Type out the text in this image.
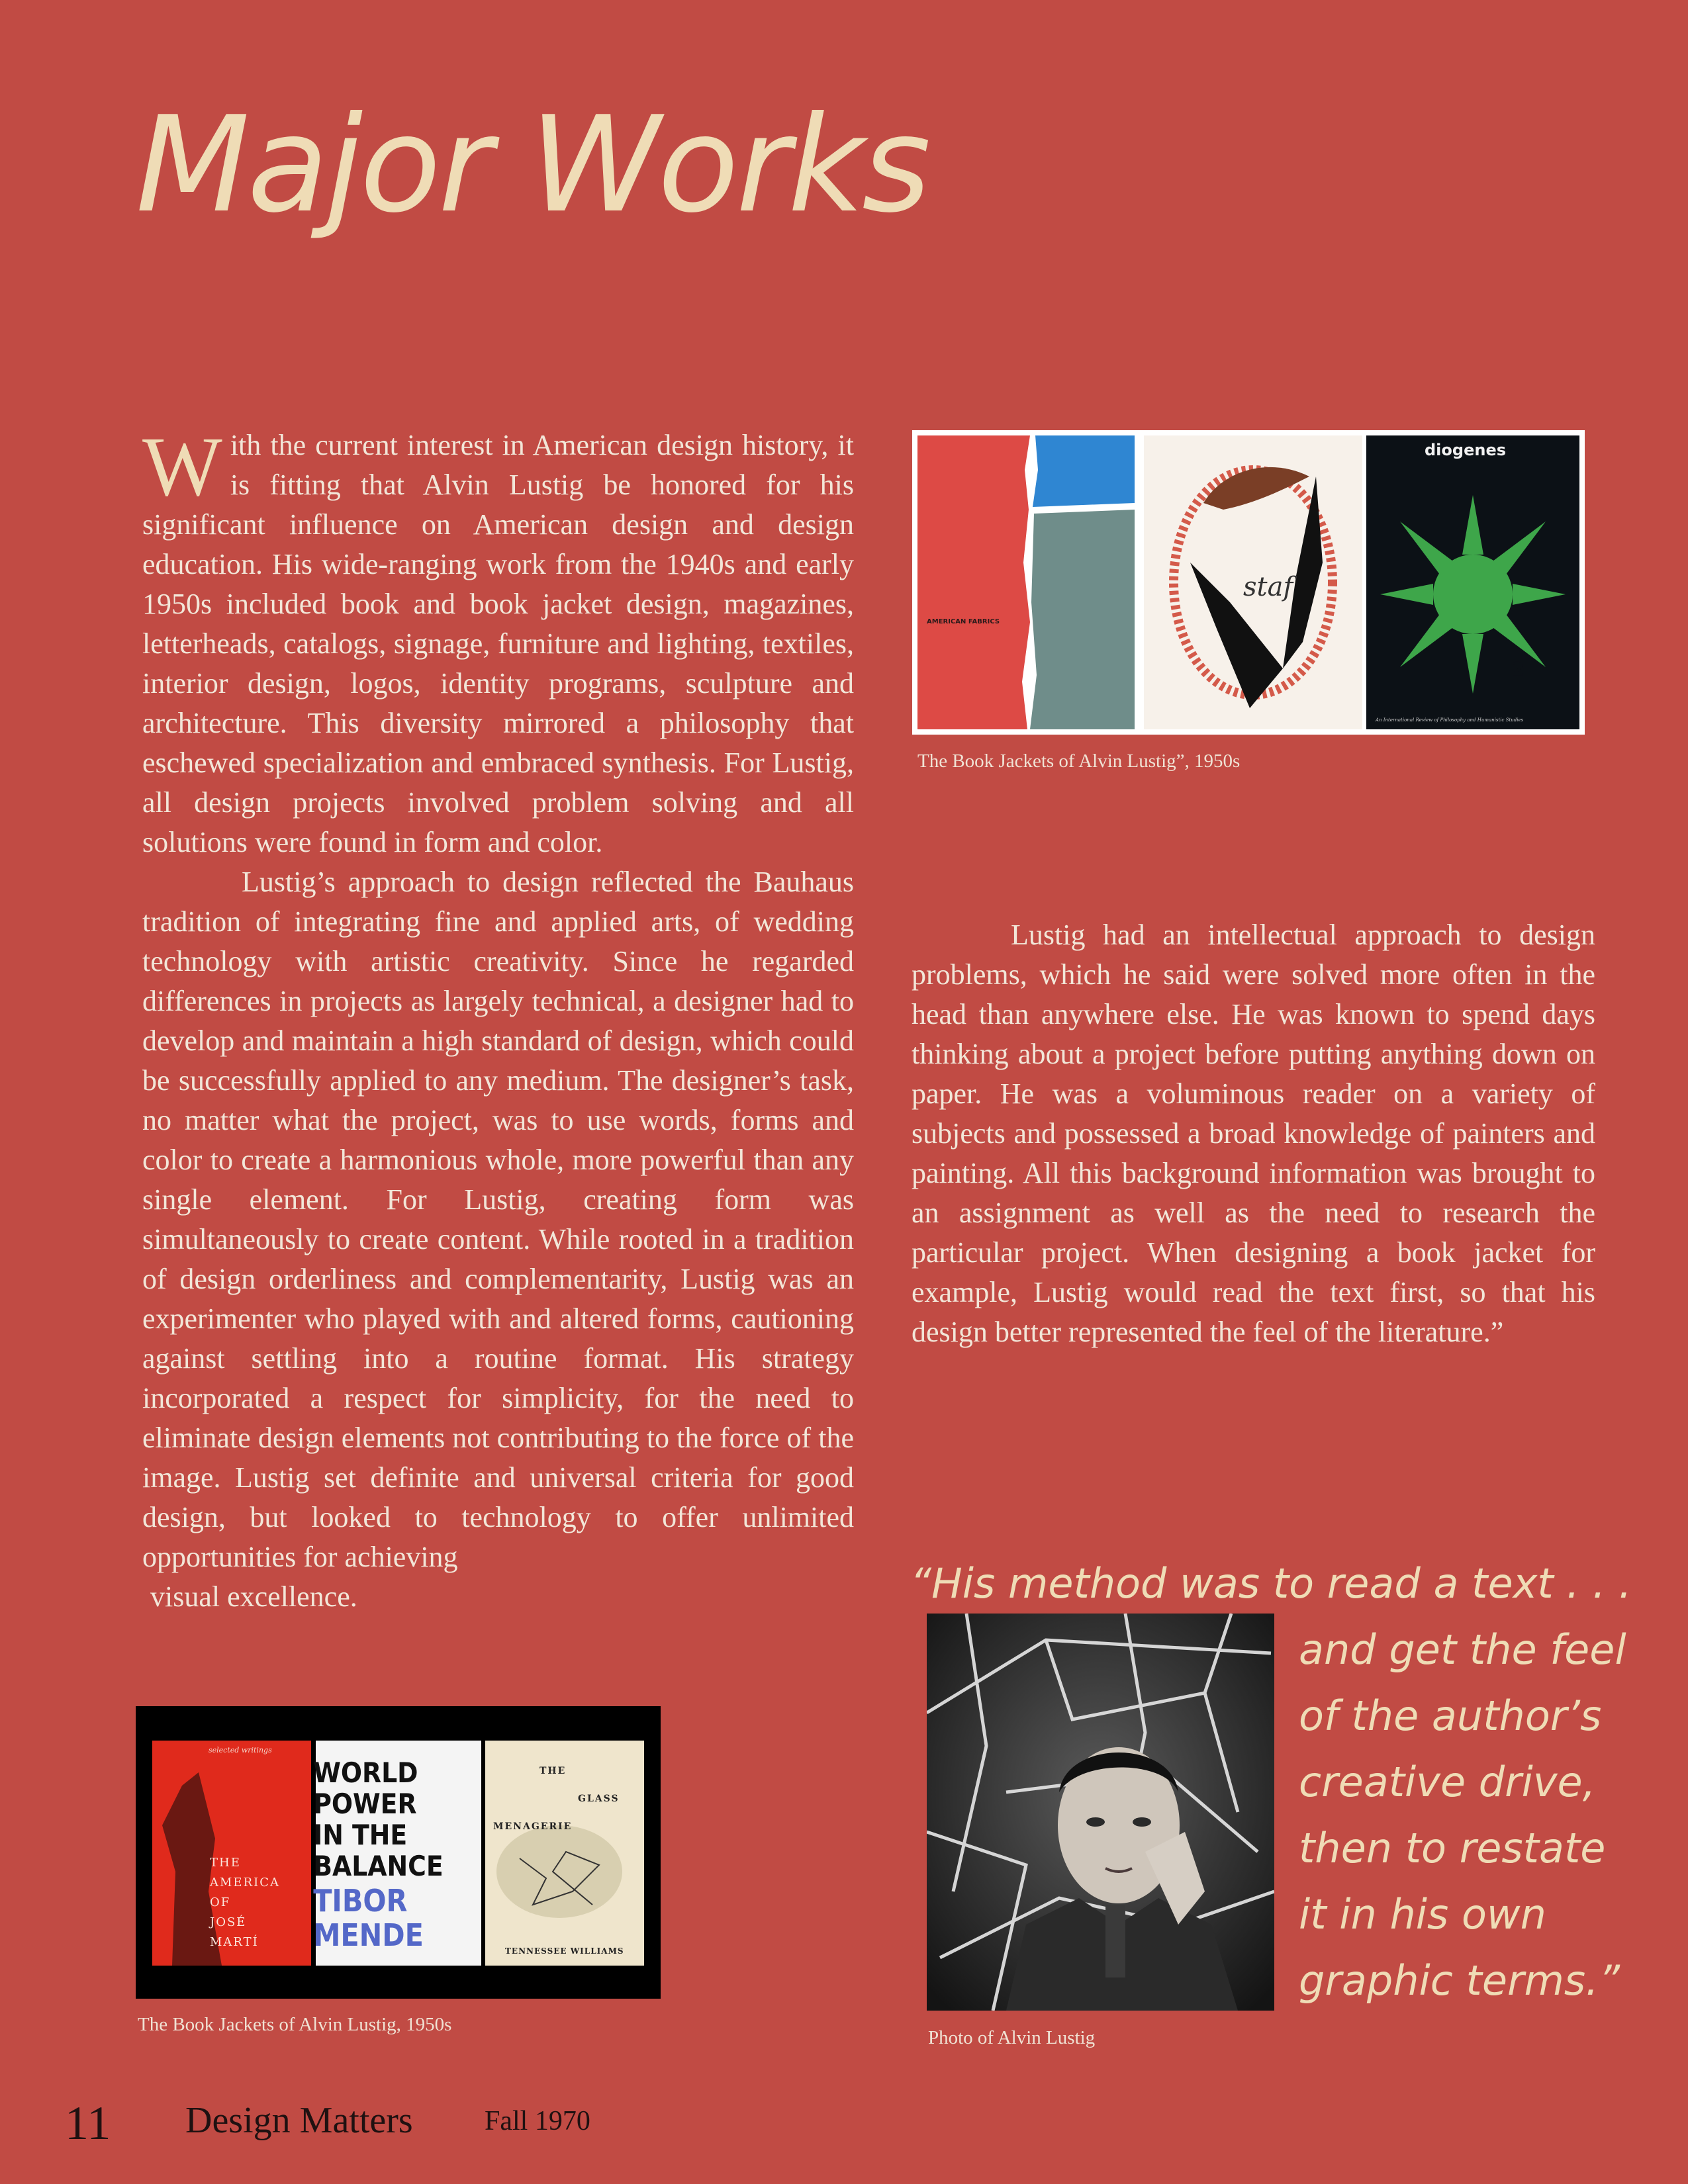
Major Works

With the current interest in American design history, it is fitting that Alvin Lustig be honored for his significant influence on American design and design education. His wide-ranging work from the 1940s and early 1950s included book and book jacket design, magazines, letterheads, catalogs, signage, furniture and lighting, textiles, interior design, logos, identity programs, sculpture and architecture. This diversity mirrored a philosophy that eschewed specialization and embraced synthesis. For Lustig, all design projects involved problem solving and all solutions were found in form and color.

Lustig’s approach to design reflected the Bauhaus tradition of integrating fine and applied arts, of wedding technology with artistic creativity. Since he regarded differences in projects as largely technical, a designer had to develop and maintain a high standard of design, which could be successfully applied to any medium. The designer’s task, no matter what the project, was to use words, forms and color to create a harmonious whole, more powerful than any single element. For Lustig, creating form was simultaneously to create content. While rooted in a tradition of design orderliness and complementarity, Lustig was an experimenter who played with and altered forms, cautioning against settling into a routine format. His strategy incorporated a respect for simplicity, for the need to eliminate design elements not contributing to the force of the image. Lustig set definite and universal criteria for good design, but looked to technology to offer unlimited opportunities for achieving

visual excellence.

Lustig had an intellectual approach to design problems, which he said were solved more often in the head than anywhere else. He was known to spend days thinking about a project before putting anything down on paper. He was a voluminous reader on a variety of subjects and possessed a broad knowledge of painters and painting. All this background information was brought to an assignment as well as the need to research the particular project. When designing a book jacket for example, Lustig would read the text first, so that his design better represented the feel of the literature.”

AMERICAN FABRICS
staf
diogenes
2
An International Review of Philosophy and Humanistic Studies
The Book Jackets of Alvin Lustig”, 1950s
selected writings
THE
AMERICA
OF
JOSÉ
MARTÍ
WORLD
POWER
IN THE
BALANCE
TIBOR
MENDE
THE
GLASS
MENAGERIE
TENNESSEE WILLIAMS
The Book Jackets of Alvin Lustig, 1950s
Photo of Alvin Lustig
“His method was to read a text . . .
and get the feel
of the author’s
creative drive,
then to restate
it in his own
graphic terms.”
11 Design Matters	Fall 1970
